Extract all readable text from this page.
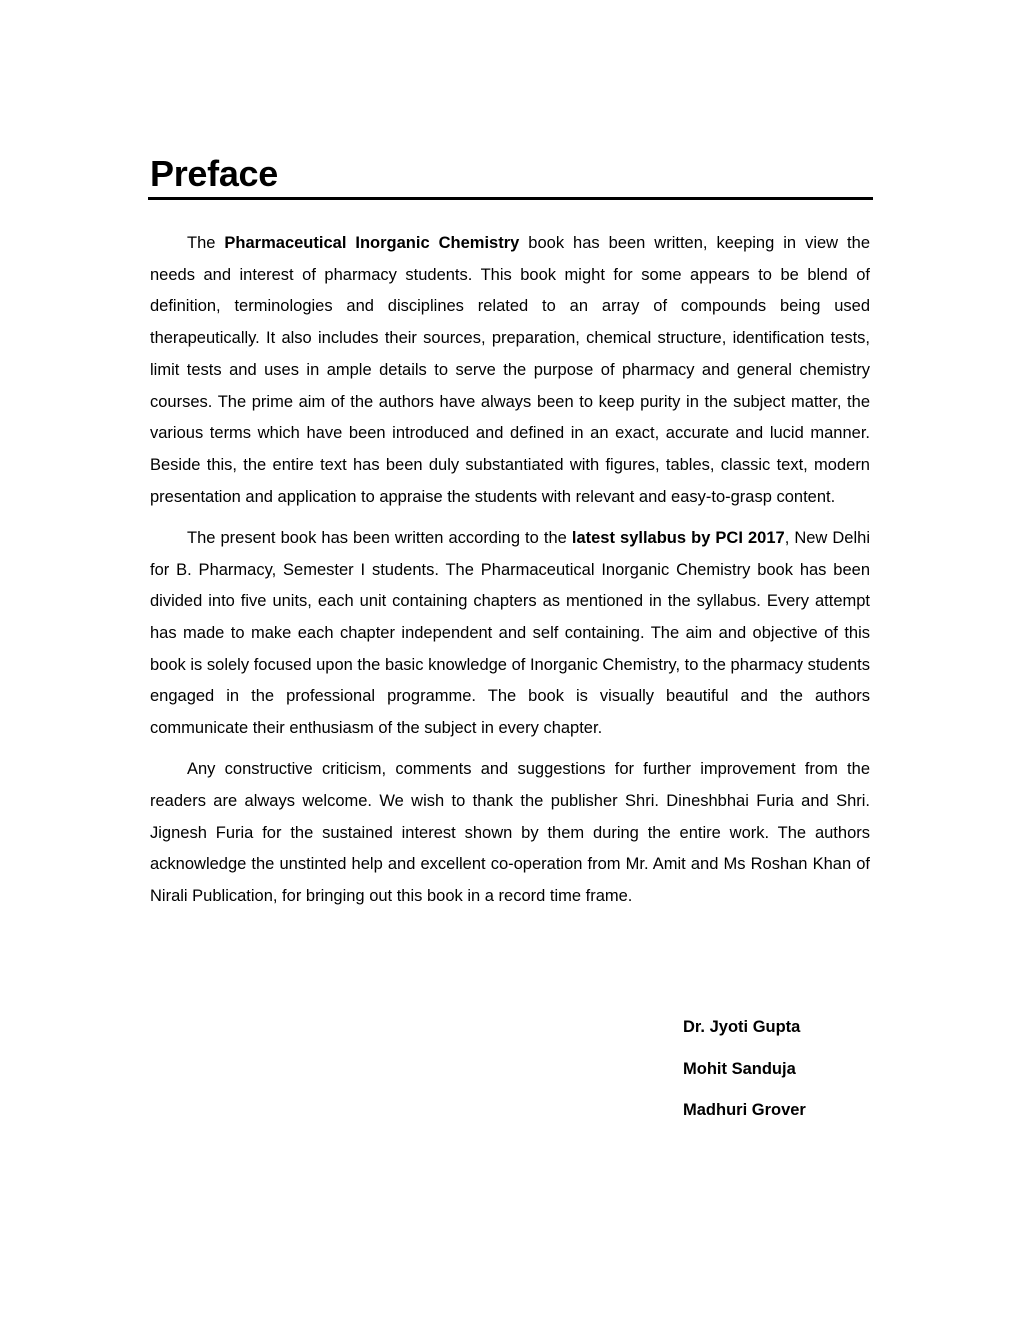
Preface

The Pharmaceutical Inorganic Chemistry book has been written, keeping in view the needs and interest of pharmacy students. This book might for some appears to be blend of definition, terminologies and disciplines related to an array of compounds being used therapeutically. It also includes their sources, preparation, chemical structure, identification tests, limit tests and uses in ample details to serve the purpose of pharmacy and general chemistry courses. The prime aim of the authors have always been to keep purity in the subject matter, the various terms which have been introduced and defined in an exact, accurate and lucid manner. Beside this, the entire text has been duly substantiated with figures, tables, classic text, modern presentation and application to appraise the students with relevant and easy-to-grasp content.

The present book has been written according to the latest syllabus by PCI 2017, New Delhi for B. Pharmacy, Semester I students. The Pharmaceutical Inorganic Chemistry book has been divided into five units, each unit containing chapters as mentioned in the syllabus. Every attempt has made to make each chapter independent and self containing. The aim and objective of this book is solely focused upon the basic knowledge of Inorganic Chemistry, to the pharmacy students engaged in the professional programme. The book is visually beautiful and the authors communicate their enthusiasm of the subject in every chapter.

Any constructive criticism, comments and suggestions for further improvement from the readers are always welcome. We wish to thank the publisher Shri. Dineshbhai Furia and Shri. Jignesh Furia for the sustained interest shown by them during the entire work. The authors acknowledge the unstinted help and excellent co-operation from Mr. Amit and Ms Roshan Khan of Nirali Publication, for bringing out this book in a record time frame.

Dr. Jyoti Gupta
Mohit Sanduja
Madhuri Grover
